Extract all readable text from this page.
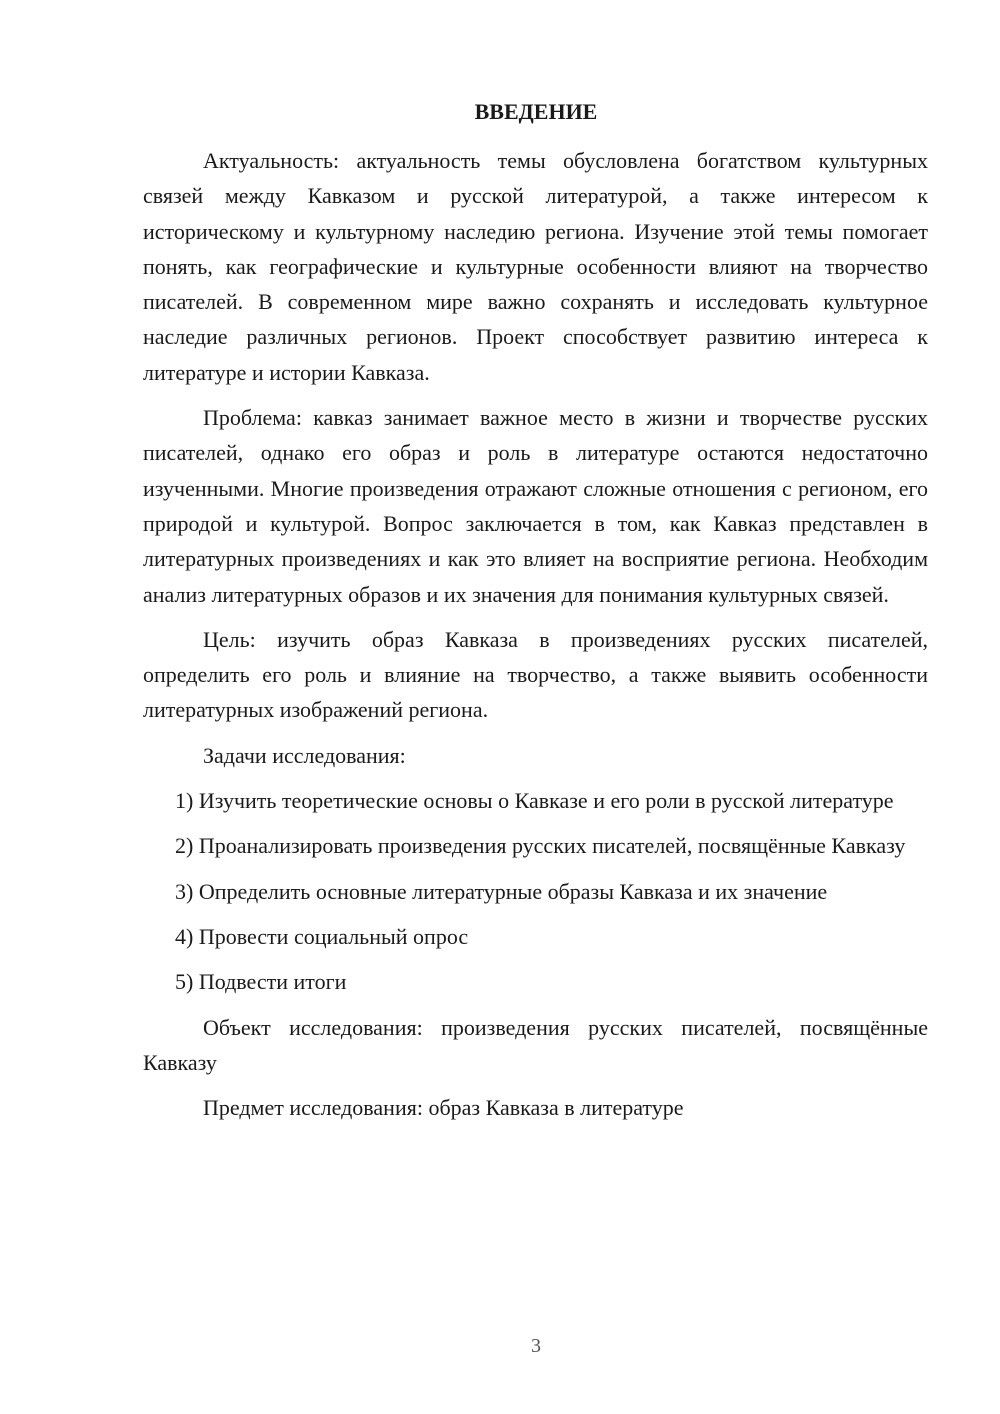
ВВЕДЕНИЕ

Актуальность: актуальность темы обусловлена богатством культурных связей между Кавказом и русской литературой, а также интересом к историческому и культурному наследию региона. Изучение этой темы помогает понять, как географические и культурные особенности влияют на творчество писателей. В современном мире важно сохранять и исследовать культурное наследие различных регионов. Проект способствует развитию интереса к литературе и истории Кавказа.

Проблема: кавказ занимает важное место в жизни и творчестве русских писателей, однако его образ и роль в литературе остаются недостаточно изученными. Многие произведения отражают сложные отношения с регионом, его природой и культурой. Вопрос заключается в том, как Кавказ представлен в литературных произведениях и как это влияет на восприятие региона. Необходим анализ литературных образов и их значения для понимания культурных связей.

Цель: изучить образ Кавказа в произведениях русских писателей, определить его роль и влияние на творчество, а также выявить особенности литературных изображений региона.

Задачи исследования:

1) Изучить теоретические основы о Кавказе и его роли в русской литературе

2) Проанализировать произведения русских писателей, посвящённые Кавказу

3) Определить основные литературные образы Кавказа и их значение

4) Провести социальный опрос

5) Подвести итоги

Объект исследования: произведения русских писателей, посвящённые Кавказу

Предмет исследования: образ Кавказа в литературе

3
